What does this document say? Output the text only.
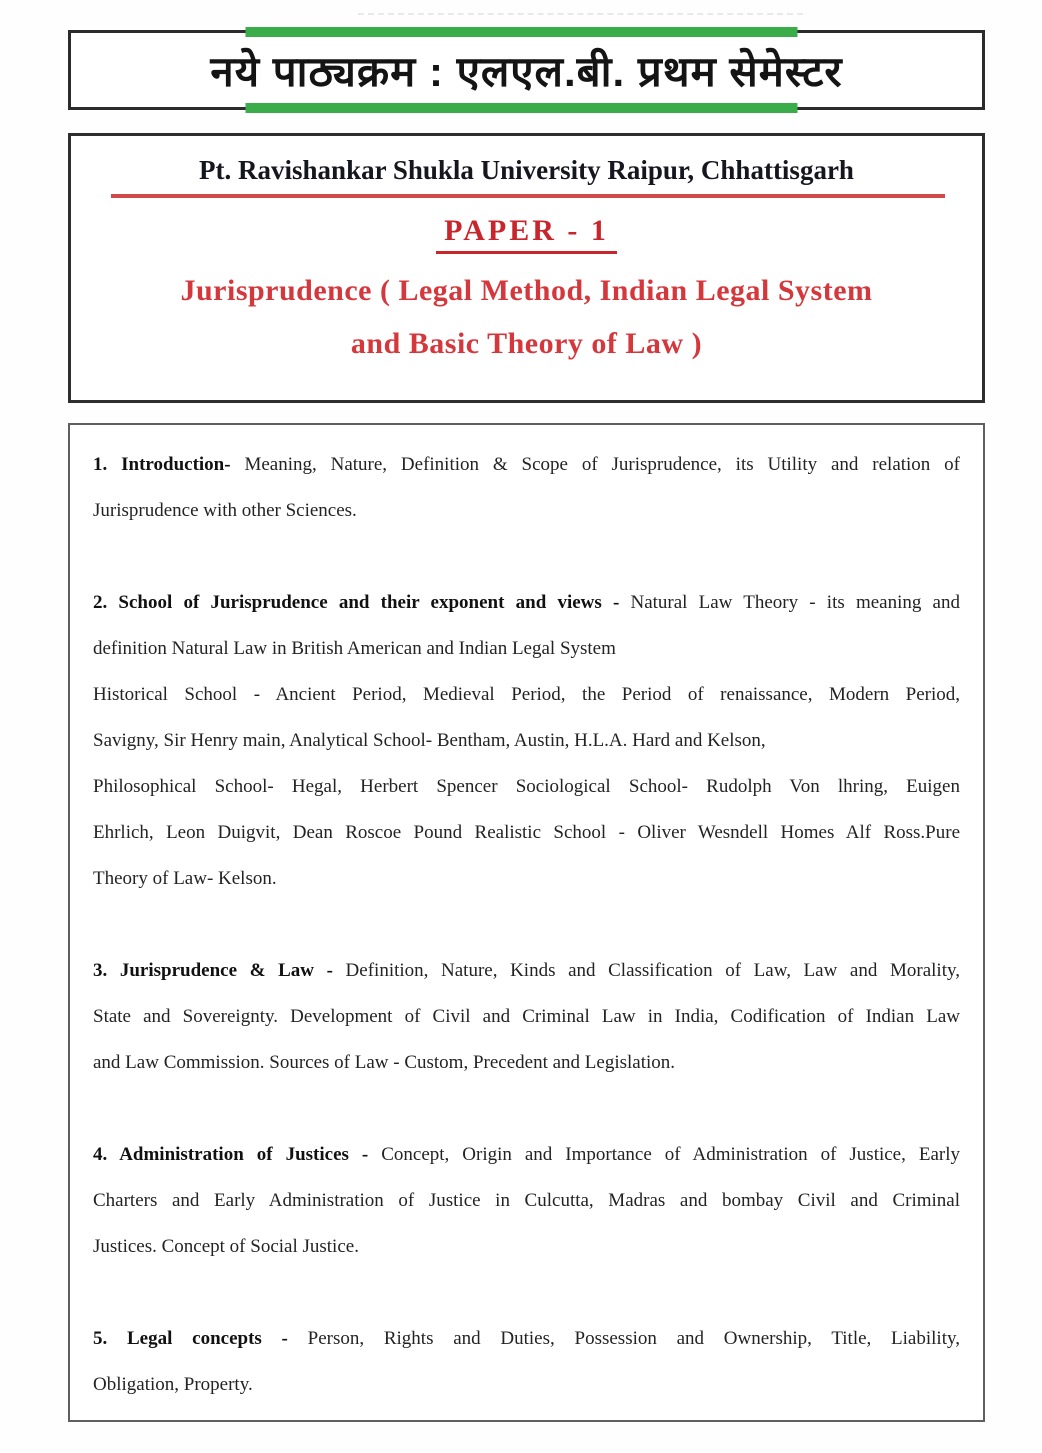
नये पाठ्यक्रम : एलएल.बी. प्रथम सेमेस्टर
Pt. Ravishankar Shukla University Raipur, Chhattisgarh
PAPER - 1
Jurisprudence ( Legal Method, Indian Legal System
and Basic Theory of Law )
1. Introduction- Meaning, Nature, Definition & Scope of Jurisprudence, its Utility and relation of
Jurisprudence with other Sciences.
2. School of Jurisprudence and their exponent and views - Natural Law Theory - its meaning and
definition Natural Law in British American and Indian Legal System
Historical School - Ancient Period, Medieval Period, the Period of renaissance, Modern Period,
Savigny, Sir Henry main, Analytical School- Bentham, Austin, H.L.A. Hard and Kelson,
Philosophical School- Hegal, Herbert Spencer Sociological School- Rudolph Von lhring, Euigen
Ehrlich, Leon Duigvit, Dean Roscoe Pound Realistic School - Oliver Wesndell Homes Alf Ross.Pure
Theory of Law- Kelson.
3. Jurisprudence & Law - Definition, Nature, Kinds and Classification of Law, Law and Morality,
State and Sovereignty. Development of Civil and Criminal Law in India, Codification of Indian Law
and Law Commission. Sources of Law - Custom, Precedent and Legislation.
4. Administration of Justices - Concept, Origin and Importance of Administration of Justice, Early
Charters and Early Administration of Justice in Culcutta, Madras and bombay Civil and Criminal
Justices. Concept of Social Justice.
5. Legal concepts - Person, Rights and Duties, Possession and Ownership, Title, Liability,
Obligation, Property.
